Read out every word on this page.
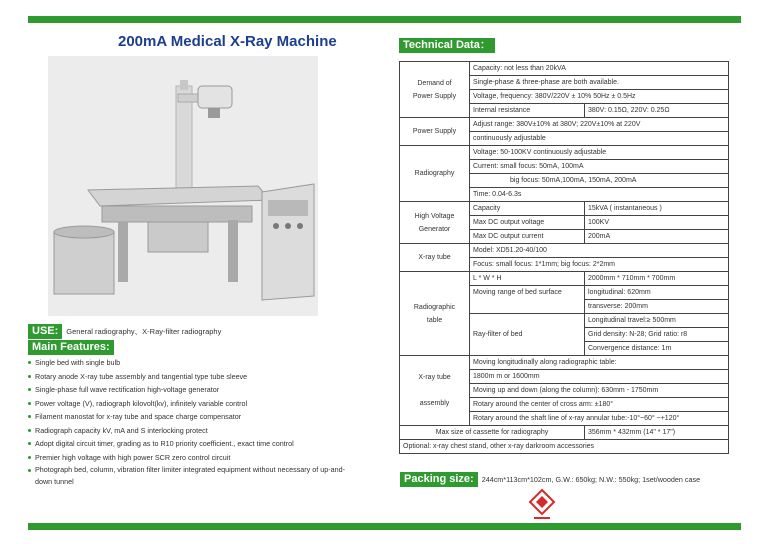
200mA Medical X-Ray Machine
USE:	General radiography、X-Ray-filter radiography
Main Features:
Single bed with single bulb
Rotary anode X-ray tube assembly and tangential type tube sleeve
Single-phase full wave rectification high-voltage generator
Power voltage (V), radiograph kilovolt(kv), infinitely variable control
Filament manostat for x-ray tube and space charge compensator
Radiograph capacity kV, mA and S interlocking protect
Adopt digital circuit timer, grading as to R10 priority coefficient., exact time control
Premier high voltage with high power SCR zero control circuit
Photograph bed, column, vibration filter limiter integrated equipment without necessary of up-and-down tunnel
Technical Data：
Demand of
Power Supply	Capacity: not less than 20kVA	
	Single-phase & three-phase are both available.	
	Voltage, frequency: 380V/220V ± 10% 50Hz ± 0.5Hz	
	Internal resistance	380V: 0.15Ω, 220V: 0.25Ω
Power Supply	Adjust range: 380V±10% at 380V; 220V±10% at 220V	
	continuously adjustable	
Radiography	Voltage: 50-100KV continuously adjustable	
	Current: small focus: 50mA, 100mA	
	big focus: 50mA,100mA, 150mA, 200mA	
	Time: 0.04-6.3s	
High Voltage
Generator	Capacity	15kVA ( instantaneous )
	Max DC output voltage	100KV
	Max DC output current	200mA
X-ray tube	Model: XD51.20-40/100	
	Focus: small focus: 1*1mm; big focus: 2*2mm	
Radiographic
table	L * W * H	2000mm * 710mm * 700mm
	Moving range of bed surface	longitudinal: 620mm
		transverse: 200mm
	Ray-filter of bed	Longitudinal travel:≥ 500mm
		Grid density: N-28; Grid ratio: r8
		Convergence distance: 1m
X-ray tube

assembly	Moving longitudinally along radiographic table:	
	1800m m or 1600mm	
	Moving up and down (along the column): 630mm - 1750mm	
	Rotary around the center of cross arm: ±180°	
	Rotary around the shaft line of x-ray annular tube:-10°~60° ~+120°	
Max size of cassette for radiography		356mm * 432mm (14" * 17")
Optional: x-ray chest stand, other x-ray darkroom accessories		
Packing size:	244cm*113cm*102cm, G.W.: 650kg; N.W.: 550kg; 1set/wooden case
